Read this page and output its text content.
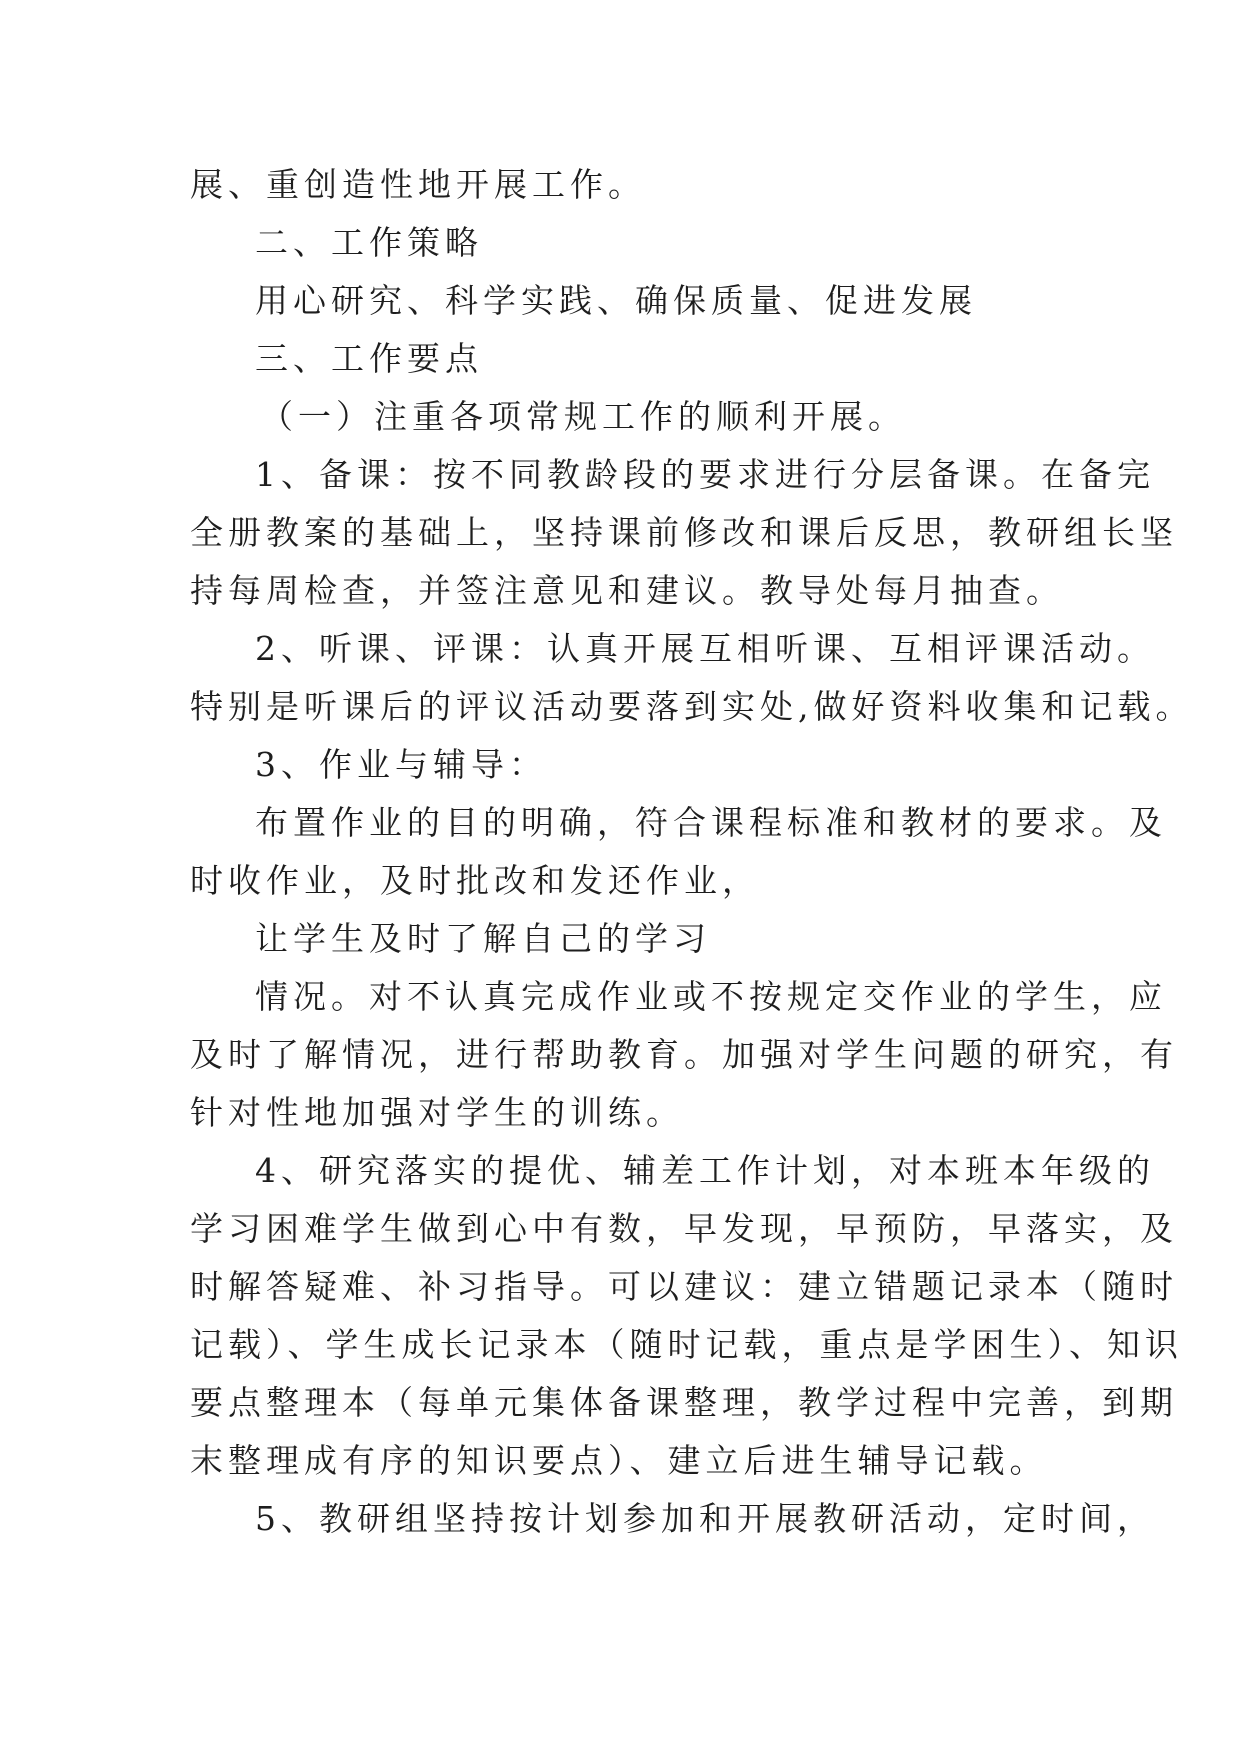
展、重创造性地开展工作。
二、工作策略
用心研究、科学实践、确保质量、促进发展
三、工作要点
（一）注重各项常规工作的顺利开展。
1、备课：按不同教龄段的要求进行分层备课。在备完
全册教案的基础上，坚持课前修改和课后反思，教研组长坚
持每周检查，并签注意见和建议。教导处每月抽查。
2、听课、评课：认真开展互相听课、互相评课活动。
特别是听课后的评议活动要落到实处,做好资料收集和记载。
3、作业与辅导：
布置作业的目的明确，符合课程标准和教材的要求。及
时收作业，及时批改和发还作业，
让学生及时了解自己的学习
情况。对不认真完成作业或不按规定交作业的学生，应
及时了解情况，进行帮助教育。加强对学生问题的研究，有
针对性地加强对学生的训练。
4、研究落实的提优、辅差工作计划，对本班本年级的
学习困难学生做到心中有数，早发现，早预防，早落实，及
时解答疑难、补习指导。可以建议：建立错题记录本（随时
记载）、学生成长记录本（随时记载，重点是学困生）、知识
要点整理本（每单元集体备课整理，教学过程中完善，到期
末整理成有序的知识要点）、建立后进生辅导记载。
5、教研组坚持按计划参加和开展教研活动，定时间，
